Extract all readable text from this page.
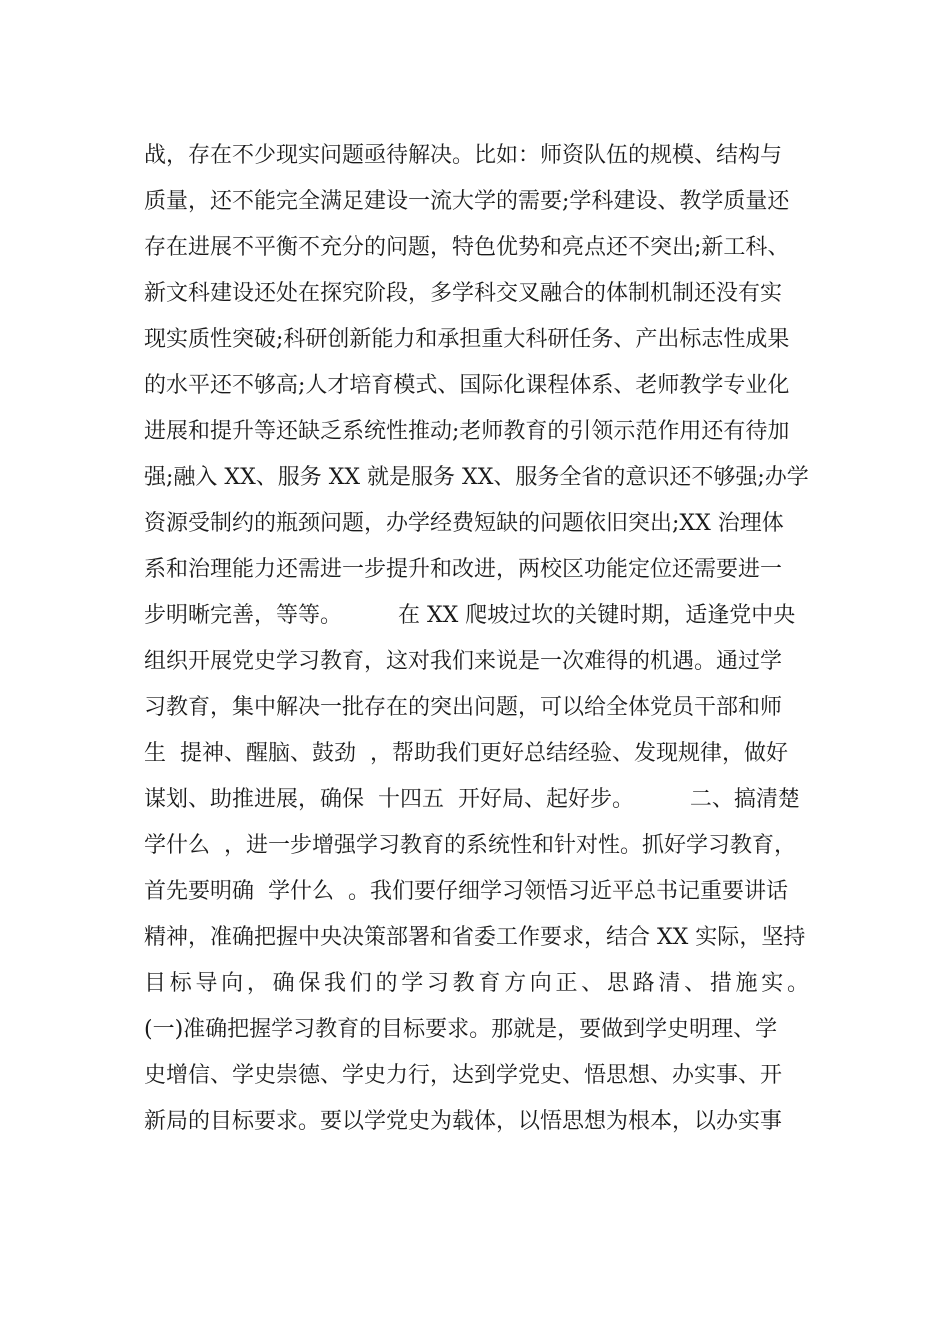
战，存在不少现实问题亟待解决。比如：师资队伍的规模、结构与
质量，还不能完全满足建设一流大学的需要;学科建设、教学质量还
存在进展不平衡不充分的问题，特色优势和亮点还不突出;新工科、
新文科建设还处在探究阶段，多学科交叉融合的体制机制还没有实
现实质性突破;科研创新能力和承担重大科研任务、产出标志性成果
的水平还不够高;人才培育模式、国际化课程体系、老师教学专业化
进展和提升等还缺乏系统性推动;老师教育的引领示范作用还有待加
强;融入 XX、服务 XX 就是服务 XX、服务全省的意识还不够强;办学
资源受制约的瓶颈问题，办学经费短缺的问题依旧突出;XX 治理体
系和治理能力还需进一步提升和改进，两校区功能定位还需要进一
步明晰完善，等等。        在 XX 爬坡过坎的关键时期，适逢党中央
组织开展党史学习教育，这对我们来说是一次难得的机遇。通过学
习教育，集中解决一批存在的突出问题，可以给全体党员干部和师
生  提神、醒脑、鼓劲  ，帮助我们更好总结经验、发现规律，做好
谋划、助推进展，确保  十四五  开好局、起好步。        二、搞清楚
学什么  ，进一步增强学习教育的系统性和针对性。抓好学习教育，
首先要明确  学什么  。我们要仔细学习领悟习近平总书记重要讲话
精神，准确把握中央决策部署和省委工作要求，结合 XX 实际，坚持
目标导向，确保我们的学习教育方向正、思路清、措施实。
(一)准确把握学习教育的目标要求。那就是，要做到学史明理、学
史增信、学史崇德、学史力行，达到学党史、悟思想、办实事、开
新局的目标要求。要以学党史为载体，以悟思想为根本，以办实事
